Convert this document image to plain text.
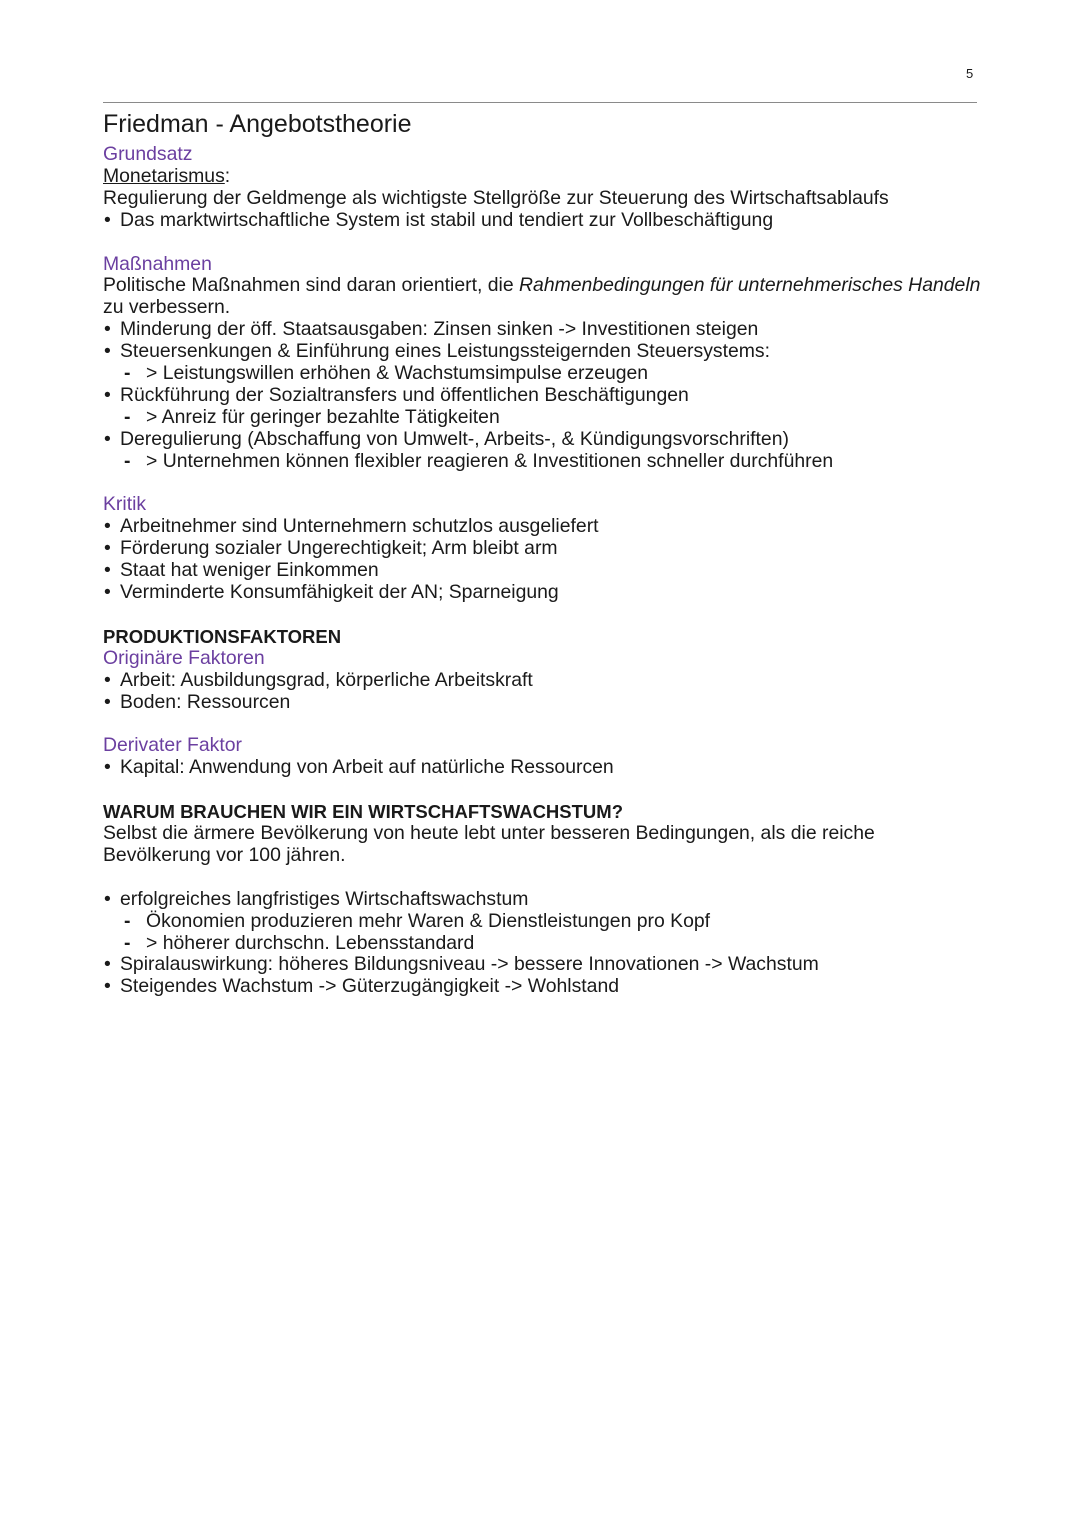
5
Friedman - Angebotstheorie

Grundsatz

Monetarismus:

Regulierung der Geldmenge als wichtigste Stellgröße zur Steuerung des Wirtschaftsablaufs

• Das marktwirtschaftliche System ist stabil und tendiert zur Vollbeschäftigung

Maßnahmen

Politische Maßnahmen sind daran orientiert, die Rahmenbedingungen für unternehmerisches Handeln zu verbessern.

• Minderung der öff. Staatsausgaben: Zinsen sinken -> Investitionen steigen
• Steuersenkungen & Einführung eines Leistungssteigernden Steuersystems:
- > Leistungswillen erhöhen & Wachstumsimpulse erzeugen
• Rückführung der Sozialtransfers und öffentlichen Beschäftigungen
- > Anreiz für geringer bezahlte Tätigkeiten
• Deregulierung (Abschaffung von Umwelt-, Arbeits-, & Kündigungsvorschriften)
- > Unternehmen können flexibler reagieren & Investitionen schneller durchführen

Kritik

• Arbeitnehmer sind Unternehmern schutzlos ausgeliefert
• Förderung sozialer Ungerechtigkeit; Arm bleibt arm
• Staat hat weniger Einkommen
• Verminderte Konsumfähigkeit der AN; Sparneigung

PRODUKTIONSFAKTOREN

Originäre Faktoren

• Arbeit: Ausbildungsgrad, körperliche Arbeitskraft
• Boden: Ressourcen

Derivater Faktor

• Kapital: Anwendung von Arbeit auf natürliche Ressourcen

WARUM BRAUCHEN WIR EIN WIRTSCHAFTSWACHSTUM?

Selbst die ärmere Bevölkerung von heute lebt unter besseren Bedingungen, als die reiche Bevölkerung vor 100 jähren.

• erfolgreiches langfristiges Wirtschaftswachstum
- Ökonomien produzieren mehr Waren & Dienstleistungen pro Kopf
- > höherer durchschn. Lebensstandard
• Spiralauswirkung: höheres Bildungsniveau -> bessere Innovationen -> Wachstum
• Steigendes Wachstum -> Güterzugängigkeit -> Wohlstand
